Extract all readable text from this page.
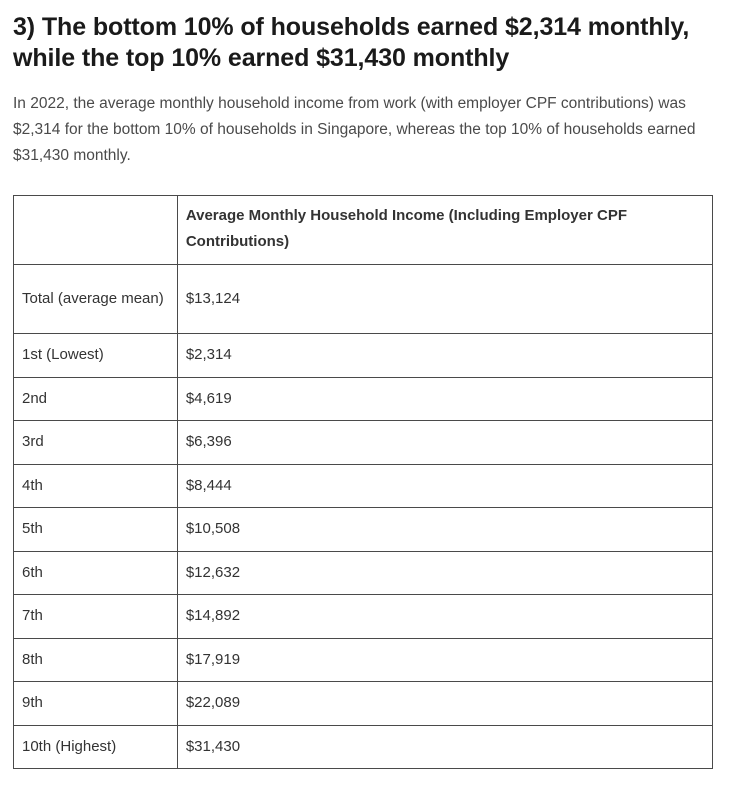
3) The bottom 10% of households earned $2,314 monthly, while the top 10% earned $31,430 monthly

In 2022, the average monthly household income from work (with employer CPF contributions) was $2,314 for the bottom 10% of households in Singapore, whereas the top 10% of households earned $31,430 monthly.

	Average Monthly Household Income (Including Employer CPF Contributions)
Total (average mean)	$13,124
1st (Lowest)	$2,314
2nd	$4,619
3rd	$6,396
4th	$8,444
5th	$10,508
6th	$12,632
7th	$14,892
8th	$17,919
9th	$22,089
10th (Highest)	$31,430
